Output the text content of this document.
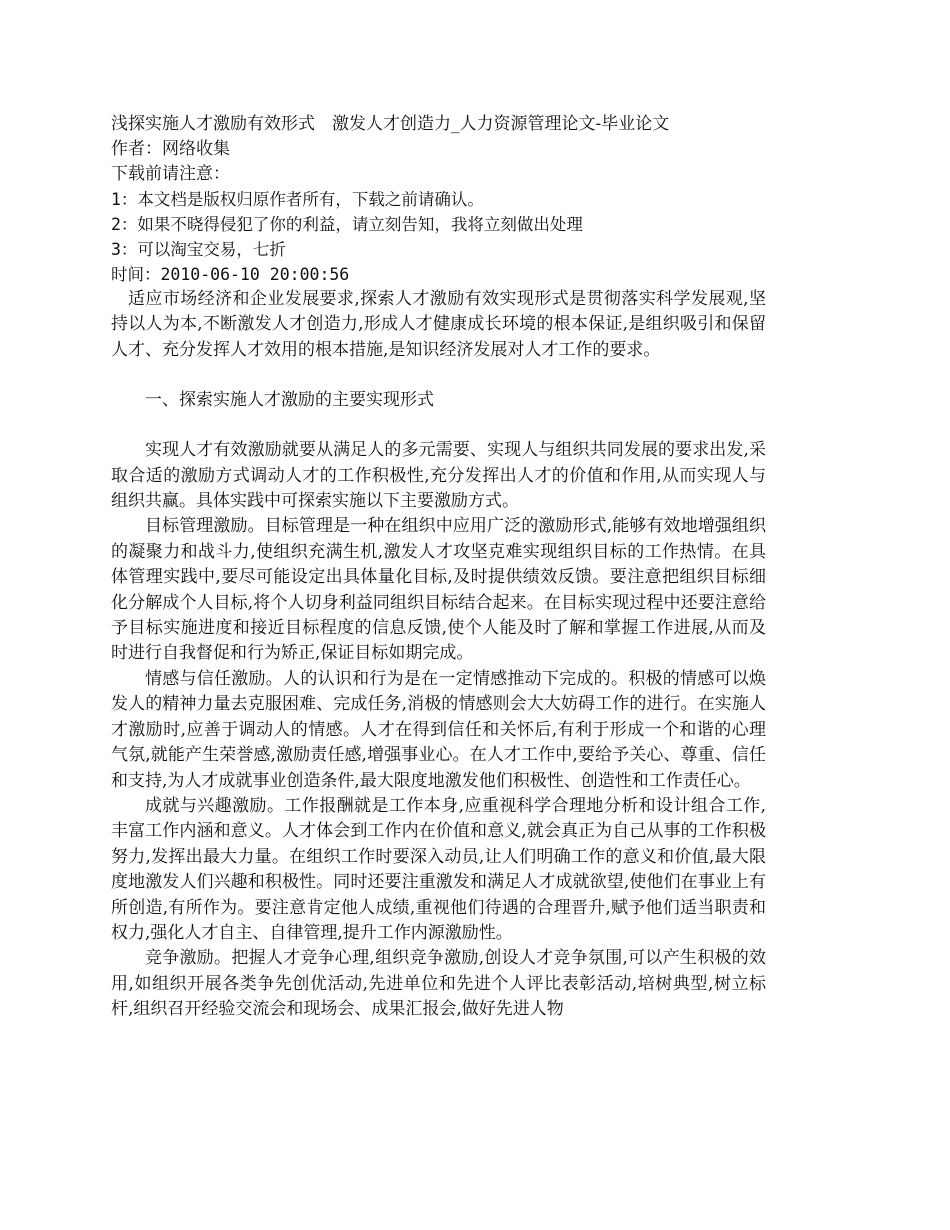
浅探实施人才激励有效形式　激发人才创造力_人力资源管理论文-毕业论文
作者：网络收集
下载前请注意：
1：本文档是版权归原作者所有，下载之前请确认。
2：如果不晓得侵犯了你的利益，请立刻告知，我将立刻做出处理
3：可以淘宝交易，七折
时间：2010-06-10 20:00:56

适应市场经济和企业发展要求,探索人才激励有效实现形式是贯彻落实科学发展观,坚持以人为本,不断激发人才创造力,形成人才健康成长环境的根本保证,是组织吸引和保留人才、充分发挥人才效用的根本措施,是知识经济发展对人才工作的要求。

一、探索实施人才激励的主要实现形式

实现人才有效激励就要从满足人的多元需要、实现人与组织共同发展的要求出发,采取合适的激励方式调动人才的工作积极性,充分发挥出人才的价值和作用,从而实现人与组织共赢。具体实践中可探索实施以下主要激励方式。

目标管理激励。目标管理是一种在组织中应用广泛的激励形式,能够有效地增强组织的凝聚力和战斗力,使组织充满生机,激发人才攻坚克难实现组织目标的工作热情。在具体管理实践中,要尽可能设定出具体量化目标,及时提供绩效反馈。要注意把组织目标细化分解成个人目标,将个人切身利益同组织目标结合起来。在目标实现过程中还要注意给予目标实施进度和接近目标程度的信息反馈,使个人能及时了解和掌握工作进展,从而及时进行自我督促和行为矫正,保证目标如期完成。

情感与信任激励。人的认识和行为是在一定情感推动下完成的。积极的情感可以焕发人的精神力量去克服困难、完成任务,消极的情感则会大大妨碍工作的进行。在实施人才激励时,应善于调动人的情感。人才在得到信任和关怀后,有利于形成一个和谐的心理气氛,就能产生荣誉感,激励责任感,增强事业心。在人才工作中,要给予关心、尊重、信任和支持,为人才成就事业创造条件,最大限度地激发他们积极性、创造性和工作责任心。

成就与兴趣激励。工作报酬就是工作本身,应重视科学合理地分析和设计组合工作,丰富工作内涵和意义。人才体会到工作内在价值和意义,就会真正为自己从事的工作积极努力,发挥出最大力量。在组织工作时要深入动员,让人们明确工作的意义和价值,最大限度地激发人们兴趣和积极性。同时还要注重激发和满足人才成就欲望,使他们在事业上有所创造,有所作为。要注意肯定他人成绩,重视他们待遇的合理晋升,赋予他们适当职责和权力,强化人才自主、自律管理,提升工作内源激励性。

竞争激励。把握人才竞争心理,组织竞争激励,创设人才竞争氛围,可以产生积极的效用,如组织开展各类争先创优活动,先进单位和先进个人评比表彰活动,培树典型,树立标杆,组织召开经验交流会和现场会、成果汇报会,做好先进人物
